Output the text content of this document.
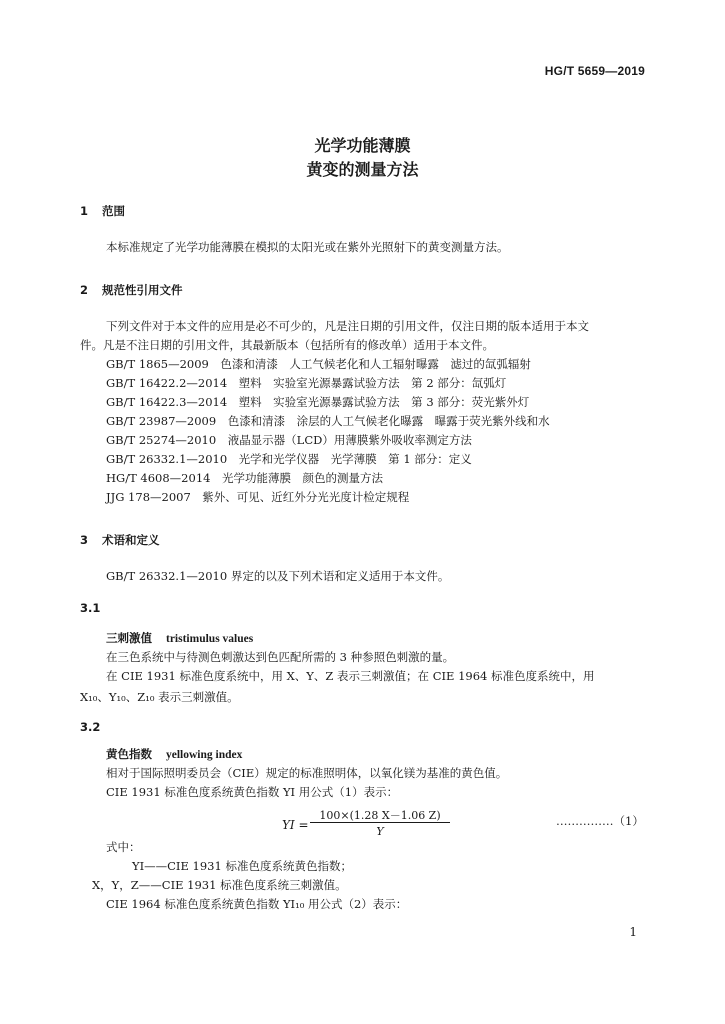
HG/T 5659—2019
光学功能薄膜
黄变的测量方法
1 范围
本标准规定了光学功能薄膜在模拟的太阳光或在紫外光照射下的黄变测量方法。
2 规范性引用文件
下列文件对于本文件的应用是必不可少的，凡是注日期的引用文件，仅注日期的版本适用于本文
件。凡是不注日期的引用文件，其最新版本（包括所有的修改单）适用于本文件。
GB/T 1865—2009　色漆和清漆　人工气候老化和人工辐射曝露　滤过的氙弧辐射
GB/T 16422.2—2014　塑料　实验室光源暴露试验方法　第 2 部分：氙弧灯
GB/T 16422.3—2014　塑料　实验室光源暴露试验方法　第 3 部分：荧光紫外灯
GB/T 23987—2009　色漆和清漆　涂层的人工气候老化曝露　曝露于荧光紫外线和水
GB/T 25274—2010　液晶显示器（LCD）用薄膜紫外吸收率测定方法
GB/T 26332.1—2010　光学和光学仪器　光学薄膜　第 1 部分：定义
HG/T 4608—2014　光学功能薄膜　颜色的测量方法
JJG 178—2007　紫外、可见、近红外分光光度计检定规程
3 术语和定义
GB/T 26332.1—2010 界定的以及下列术语和定义适用于本文件。
3.1
三刺激值 tristimulus values
在三色系统中与待测色刺激达到色匹配所需的 3 种参照色刺激的量。
在 CIE 1931 标准色度系统中，用 X、Y、Z 表示三刺激值；在 CIE 1964 标准色度系统中，用
X₁₀、Y₁₀、Z₁₀ 表示三刺激值。
3.2
黄色指数 yellowing index
相对于国际照明委员会（CIE）规定的标准照明体，以氧化镁为基准的黄色值。
CIE 1931 标准色度系统黄色指数 YI 用公式（1）表示：
YI =
100×(1.28 X－1.06 Z)
Y
……………（1）
式中：
YI——CIE 1931 标准色度系统黄色指数；
X，Y，Z——CIE 1931 标准色度系统三刺激值。
CIE 1964 标准色度系统黄色指数 YI₁₀ 用公式（2）表示：
1
